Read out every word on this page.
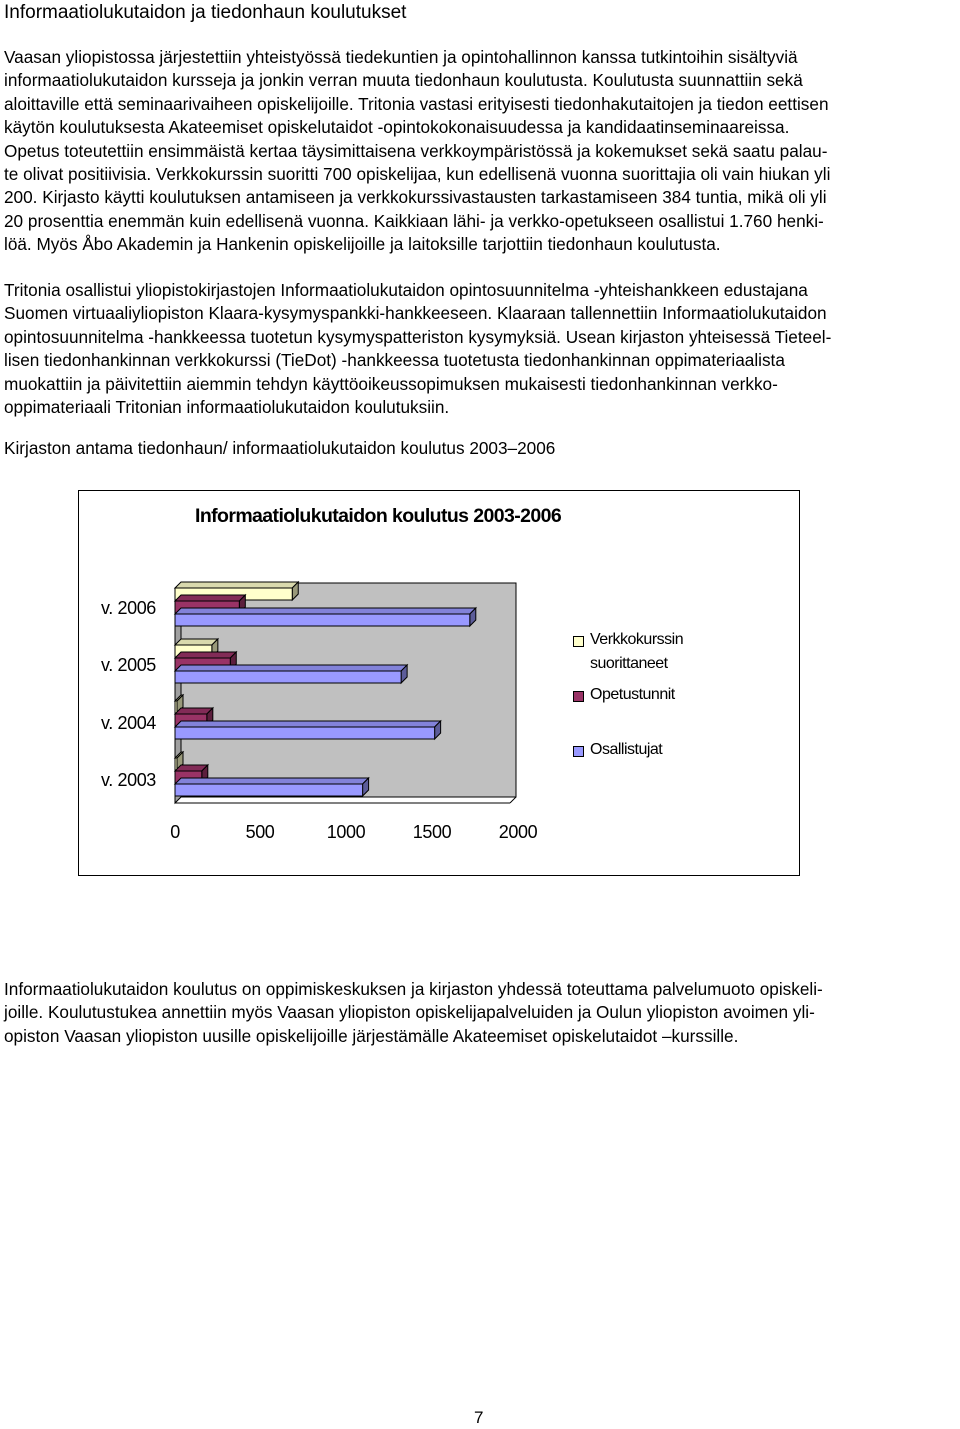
Informaatiolukutaidon ja tiedonhaun koulutukset
Vaasan yliopistossa järjestettiin yhteistyössä tiedekuntien ja opintohallinnon kanssa tutkintoihin sisältyviä
informaatiolukutaidon kursseja ja jonkin verran muuta tiedonhaun koulutusta. Koulutusta suunnattiin sekä
aloittaville että seminaarivaiheen opiskelijoille. Tritonia vastasi erityisesti tiedonhakutaitojen ja tiedon eettisen
käytön koulutuksesta Akateemiset opiskelutaidot -opintokokonaisuudessa ja kandidaatinseminaareissa.
Opetus toteutettiin ensimmäistä kertaa täysimittaisena verkkoympäristössä ja kokemukset sekä saatu palau-
te olivat positiivisia. Verkkokurssin suoritti 700 opiskelijaa, kun edellisenä vuonna suorittajia oli vain hiukan yli
200. Kirjasto käytti koulutuksen antamiseen ja verkkokurssivastausten tarkastamiseen 384 tuntia, mikä oli yli
20 prosenttia enemmän kuin edellisenä vuonna. Kaikkiaan lähi- ja verkko-opetukseen osallistui 1.760 henki-
löä. Myös Åbo Akademin ja Hankenin opiskelijoille ja laitoksille tarjottiin tiedonhaun koulutusta.
Tritonia osallistui yliopistokirjastojen Informaatiolukutaidon opintosuunnitelma -yhteishankkeen edustajana
Suomen virtuaaliyliopiston Klaara-kysymyspankki-hankkeeseen. Klaaraan tallennettiin Informaatiolukutaidon
opintosuunnitelma -hankkeessa tuotetun kysymyspatteriston kysymyksiä. Usean kirjaston yhteisessä Tieteel-
lisen tiedonhankinnan verkkokurssi (TieDot) -hankkeessa tuotetusta tiedonhankinnan oppimateriaalista
muokattiin ja päivitettiin aiemmin tehdyn käyttöoikeussopimuksen mukaisesti tiedonhankinnan verkko-
oppimateriaali Tritonian informaatiolukutaidon koulutuksiin.
Kirjaston antama tiedonhaun/ informaatiolukutaidon koulutus 2003–2006
Informaatiolukutaidon koulutus 2003-2006
v. 2006
v. 2005
v. 2004
v. 2003
0	500	1000	1500	2000
Verkkokurssin
suorittaneet
Opetustunnit
Osallistujat
Informaatiolukutaidon koulutus on oppimiskeskuksen ja kirjaston yhdessä toteuttama palvelumuoto opiskeli-
joille. Koulutustukea annettiin myös Vaasan yliopiston opiskelijapalveluiden ja Oulun yliopiston avoimen yli-
opiston Vaasan yliopiston uusille opiskelijoille järjestämälle Akateemiset opiskelutaidot –kurssille.
7
